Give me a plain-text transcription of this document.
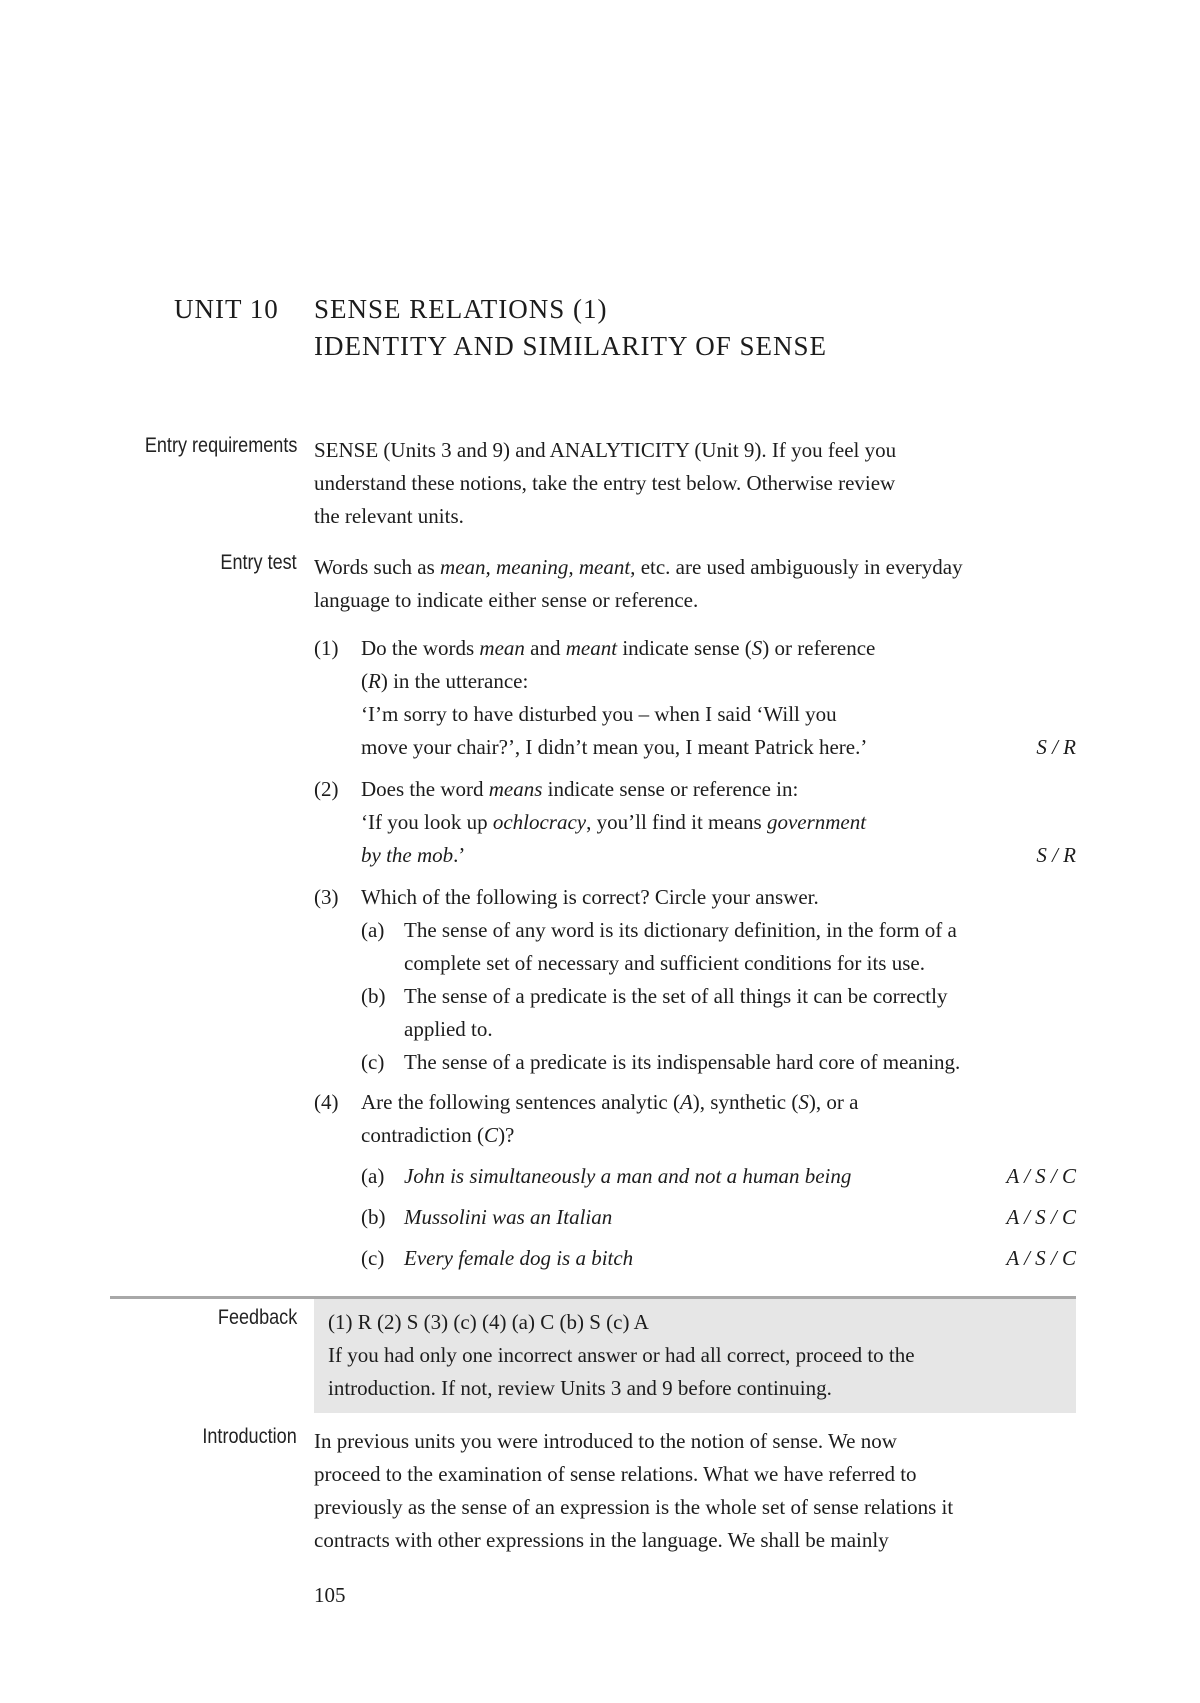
UNIT 10 SENSE RELATIONS (1)
IDENTITY AND SIMILARITY OF SENSE
Entry requirements SENSE (Units 3 and 9) and ANALYTICITY (Unit 9). If you feel you

understand these notions, take the entry test below. Otherwise review

the relevant units.

Entry test Words such as mean, meaning, meant, etc. are used ambiguously in everyday

language to indicate either sense or reference.

(1) Do the words mean and meant indicate sense (S) or reference

(R) in the utterance:

‘I’m sorry to have disturbed you – when I said ‘Will you

move your chair?’, I didn’t mean you, I meant Patrick here.’	S / R
(2) Does the word means indicate sense or reference in:

‘If you look up ochlocracy, you’ll find it means government

by the mob.’	S / R
(3) Which of the following is correct? Circle your answer.
(a) The sense of any word is its dictionary definition, in the form of a

complete set of necessary and sufficient conditions for its use.

(b) The sense of a predicate is the set of all things it can be correctly

applied to.

(c) The sense of a predicate is its indispensable hard core of meaning.
(4) Are the following sentences analytic (A), synthetic (S), or a

contradiction (C)?

(a) John is simultaneously a man and not a human being	A / S / C
(b) Mussolini was an Italian	A / S / C
(c) Every female dog is a bitch	A / S / C
Feedback (1) R (2) S (3) (c) (4) (a) C (b) S (c) A

If you had only one incorrect answer or had all correct, proceed to the

introduction. If not, review Units 3 and 9 before continuing.

Introduction In previous units you were introduced to the notion of sense. We now

proceed to the examination of sense relations. What we have referred to

previously as the sense of an expression is the whole set of sense relations it

contracts with other expressions in the language. We shall be mainly

105
